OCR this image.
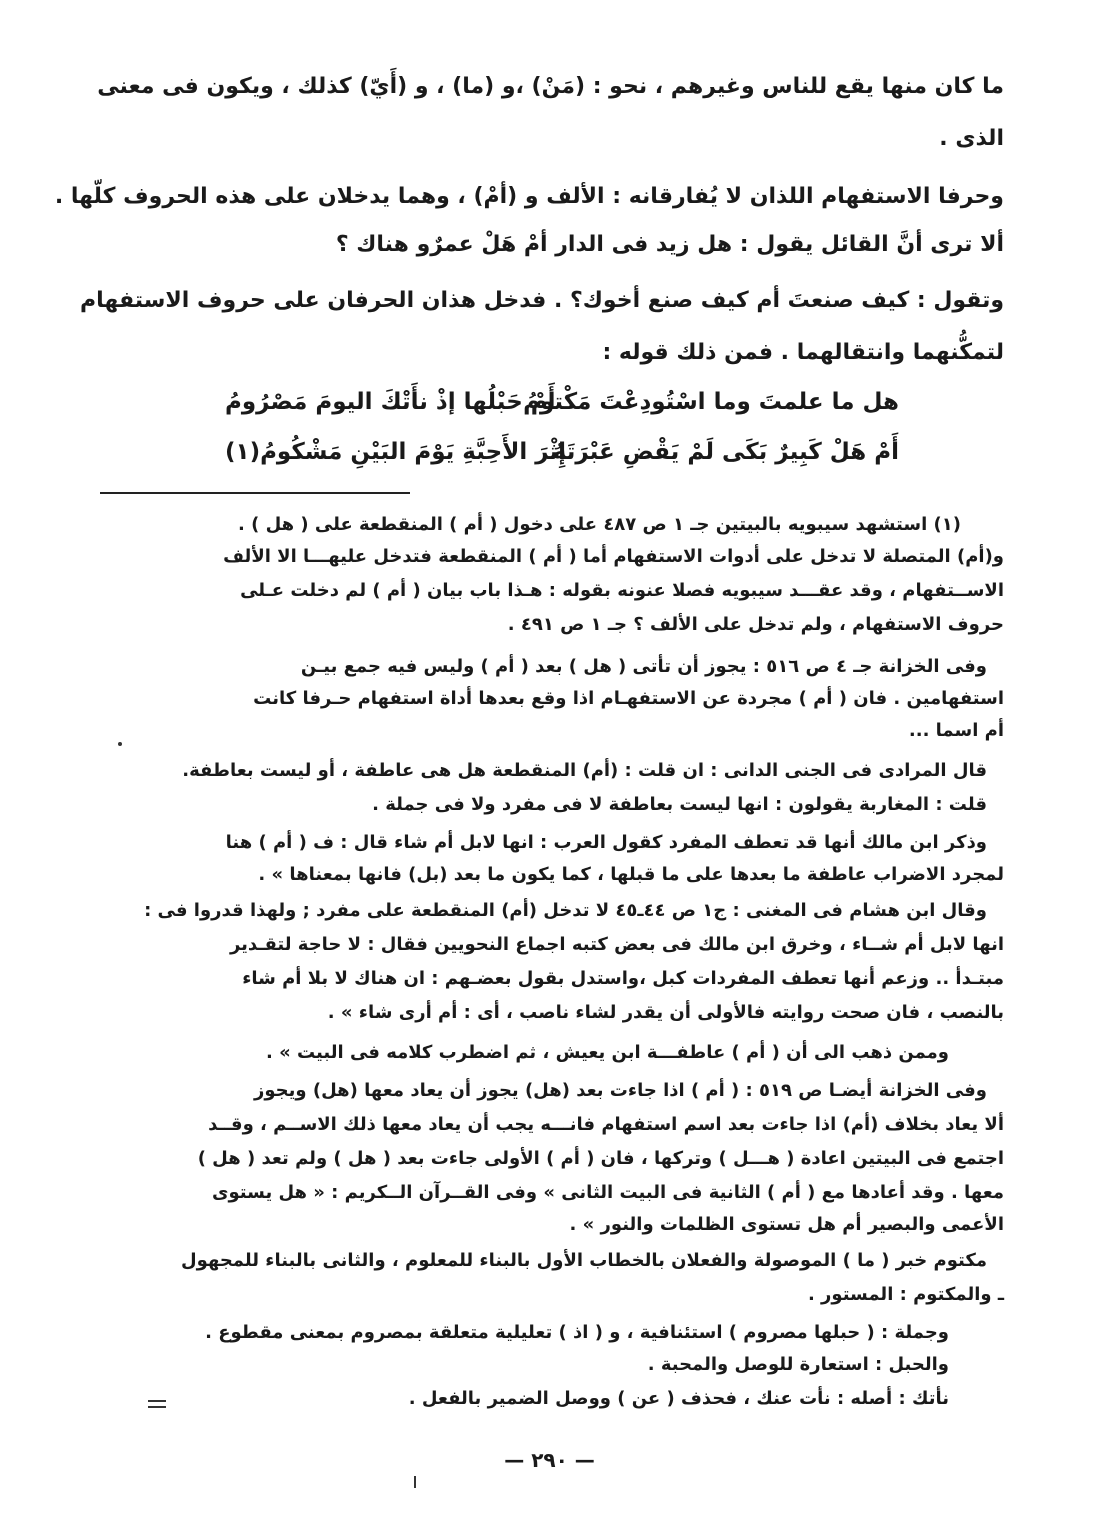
ما كان منها يقع للناس وغيرهم ، نحو : (مَنْ) ،و (ما) ، و (أَيّ) كذلك ، ويكون فى معنى
الذى .
وحرفا الاستفهام اللذان لا يُفارقانه : الألف و (أمْ) ، وهما يدخلان على هذه الحروف كلّها .
ألا ترى أنَّ القائل يقول : هل زيد فى الدار أمْ هَلْ عمرٌو هناك ؟
وتقول : كيف صنعتَ أم كيف صنع أخوك؟ . فدخل هذان الحرفان على حروف الاستفهام
لتمكُّنهما وانتقالهما . فمن ذلك قوله :
هل ما علمتَ وما اسْتُودِعْتَ مَكْتومُ
أَمْ حَبْلُها إذْ نأَتْكَ اليومَ مَصْرُومُ
أَمْ هَلْ كَبِيرٌ بَكَى لَمْ يَقْضِ عَبْرَتَهُ
إِثْرَ الأَحِبَّةِ يَوْمَ البَيْنِ مَشْكُومُ(١)
(١) استشهد سيبويه بالبيتين جـ ١ ص ٤٨٧ على دخول ( أم ) المنقطعة على ( هل ) .
و(أم) المتصلة لا تدخل على أدوات الاستفهام أما ( أم ) المنقطعة فتدخل عليهـــا الا الألف
الاســتفهام ، وقد عقـــد سيبويه فصلا عنونه بقوله : هـذا باب بيان ( أم ) لم دخلت عـلى
حروف الاستفهام ، ولم تدخل على الألف ؟ جـ ١ ص ٤٩١ .
وفى الخزانة جـ ٤ ص ٥١٦ : يجوز أن تأتى ( هل ) بعد ( أم ) وليس فيه جمع بيـن
استفهامين . فان ( أم ) مجردة عن الاستفهـام اذا وقع بعدها أداة استفهام حـرفا كانت
أم اسما ...
قال المرادى فى الجنى الدانى : ان قلت : (أم) المنقطعة هل هى عاطفة ، أو ليست بعاطفة.
قلت : المغاربة يقولون : انها ليست بعاطفة لا فى مفرد ولا فى جملة .
وذكر ابن مالك أنها قد تعطف المفرد كقول العرب : انها لابل أم شاء قال : ف ( أم ) هنا
لمجرد الاضراب عاطفة ما بعدها على ما قبلها ، كما يكون ما بعد (بل) فانها بمعناها » .
وقال ابن هشام فى المغنى : ج١ ص ٤٤ـ٤٥ لا تدخل (أم) المنقطعة على مفرد ; ولهذا قدروا فى :
انها لابل أم شــاء ، وخرق ابن مالك فى بعض كتبه اجماع النحويين فقال : لا حاجة لتقـدير
مبتـدأ .. وزعم أنها تعطف المفردات كبل ،واستدل بقول بعضـهم : ان هناك لا بلا أم شاء
بالنصب ، فان صحت روايته فالأولى أن يقدر لشاء ناصب ، أى : أم أرى شاء » .
وممن ذهب الى أن ( أم ) عاطفـــة ابن يعيش ، ثم اضطرب كلامه فى البيت » .
وفى الخزانة أيضـا ص ٥١٩ : ( أم ) اذا جاءت بعد (هل) يجوز أن يعاد معها (هل) ويجوز
ألا يعاد بخلاف (أم) اذا جاءت بعد اسم استفهام فانـــه يجب أن يعاد معها ذلك الاســم ، وقــد
اجتمع فى البيتين اعادة ( هـــل ) وتركها ، فان ( أم ) الأولى جاءت بعد ( هل ) ولم تعد ( هل )
معها . وقد أعادها مع ( أم ) الثانية فى البيت الثانى » وفى القــرآن الــكريم : « هل يستوى
الأعمى والبصير أم هل تستوى الظلمات والنور » .
مكتوم خبر ( ما ) الموصولة والفعلان بالخطاب الأول بالبناء للمعلوم ، والثانى بالبناء للمجهول
ـ والمكتوم : المستور .
وجملة : ( حبلها مصروم ) استئنافية ، و ( اذ ) تعليلية متعلقة بمصروم بمعنى مقطوع .
والحبل : استعارة للوصل والمحبة .
نأتك : أصله : نأت عنك ، فحذف ( عن ) ووصل الضمير بالفعل .
— ٢٩٠ —
